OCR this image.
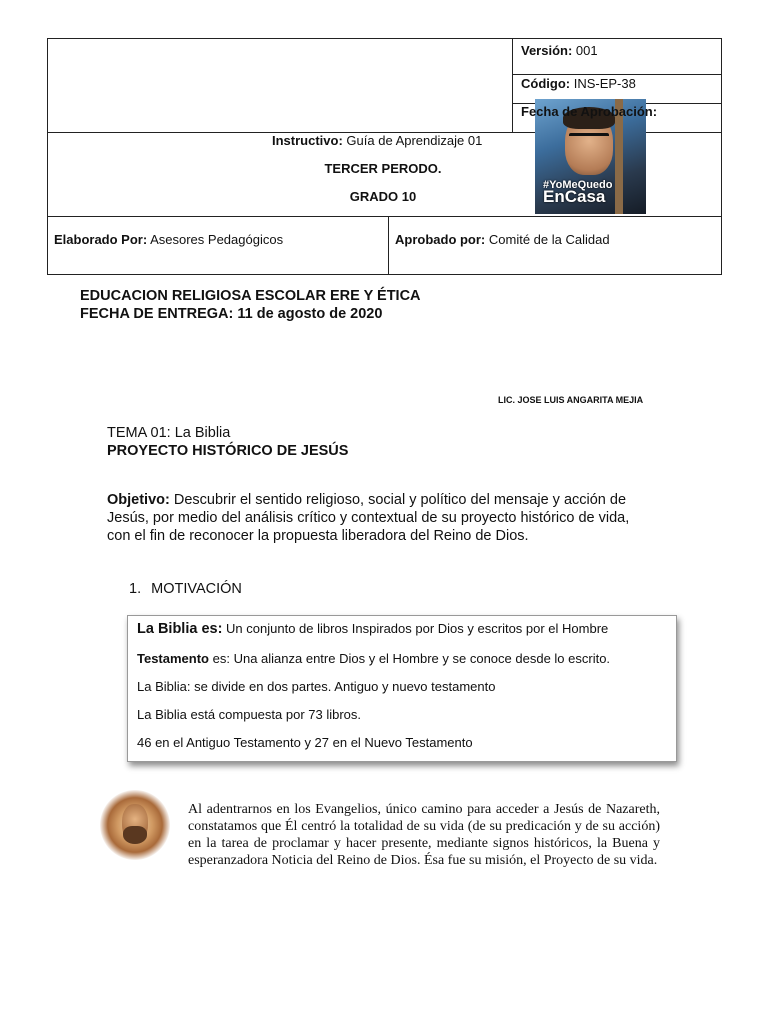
Versión: 001
Código: INS-EP-38
#YoMeQuedo
EnCasa
Fecha de Aprobación:
Instructivo: Guía de Aprendizaje 01
TERCER PERODO.
GRADO 10
Elaborado Por: Asesores Pedagógicos	Aprobado por: Comité de la Calidad
EDUCACION RELIGIOSA ESCOLAR ERE Y ÉTICA
FECHA DE ENTREGA: 11 de agosto de 2020
LIC. JOSE LUIS ANGARITA MEJIA
TEMA 01: La Biblia
PROYECTO HISTÓRICO DE JESÚS
Objetivo: Descubrir el sentido religioso, social y político del mensaje y acción de
Jesús, por medio del análisis crítico y contextual de su proyecto histórico de vida,
con el fin de reconocer la propuesta liberadora del Reino de Dios.
1. MOTIVACIÓN
La Biblia es: Un conjunto de libros Inspirados por Dios y escritos por el Hombre
Testamento es: Una alianza entre Dios y el Hombre y se conoce desde lo escrito.
La Biblia: se divide en dos partes. Antiguo y nuevo testamento
La Biblia está compuesta por 73 libros.
46 en el Antiguo Testamento y 27 en el Nuevo Testamento
Al adentrarnos en los Evangelios, único camino para acceder a Jesús de Nazareth, constatamos que Él centró la totalidad de su vida (de su predicación y de su acción) en la tarea de proclamar y hacer presente, mediante signos históricos, la Buena y esperanzadora Noticia del Reino de Dios. Ésa fue su misión, el Proyecto de su vida.
